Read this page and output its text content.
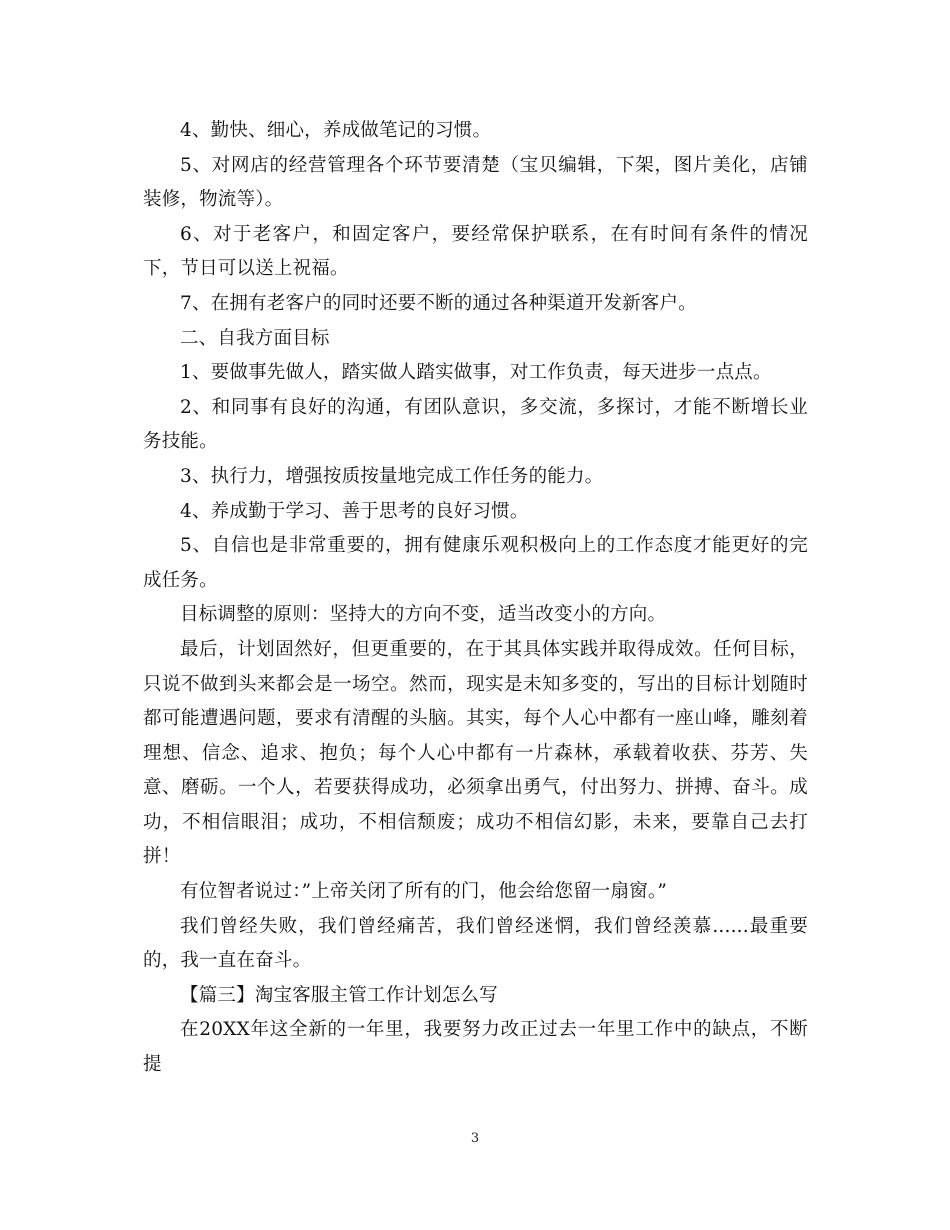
4、勤快、细心，养成做笔记的习惯。

5、对网店的经营管理各个环节要清楚（宝贝编辑，下架，图片美化，店铺装修，物流等）。

6、对于老客户，和固定客户，要经常保护联系，在有时间有条件的情况下，节日可以送上祝福。

7、在拥有老客户的同时还要不断的通过各种渠道开发新客户。

二、自我方面目标

1、要做事先做人，踏实做人踏实做事，对工作负责，每天进步一点点。

2、和同事有良好的沟通，有团队意识，多交流，多探讨，才能不断增长业务技能。

3、执行力，增强按质按量地完成工作任务的能力。

4、养成勤于学习、善于思考的良好习惯。

5、自信也是非常重要的，拥有健康乐观积极向上的工作态度才能更好的完成任务。

目标调整的原则：坚持大的方向不变，适当改变小的方向。

最后，计划固然好，但更重要的，在于其具体实践并取得成效。任何目标，只说不做到头来都会是一场空。然而，现实是未知多变的，写出的目标计划随时都可能遭遇问题，要求有清醒的头脑。其实，每个人心中都有一座山峰，雕刻着理想、信念、追求、抱负；每个人心中都有一片森林，承载着收获、芬芳、失意、磨砺。一个人，若要获得成功，必须拿出勇气，付出努力、拼搏、奋斗。成功，不相信眼泪；成功，不相信颓废；成功不相信幻影，未来，要靠自己去打拼！

有位智者说过：”上帝关闭了所有的门，他会给您留一扇窗。”

我们曾经失败，我们曾经痛苦，我们曾经迷惘，我们曾经羡慕......最重要的，我一直在奋斗。

【篇三】淘宝客服主管工作计划怎么写

在20XX年这全新的一年里，我要努力改正过去一年里工作中的缺点，不断提

3
